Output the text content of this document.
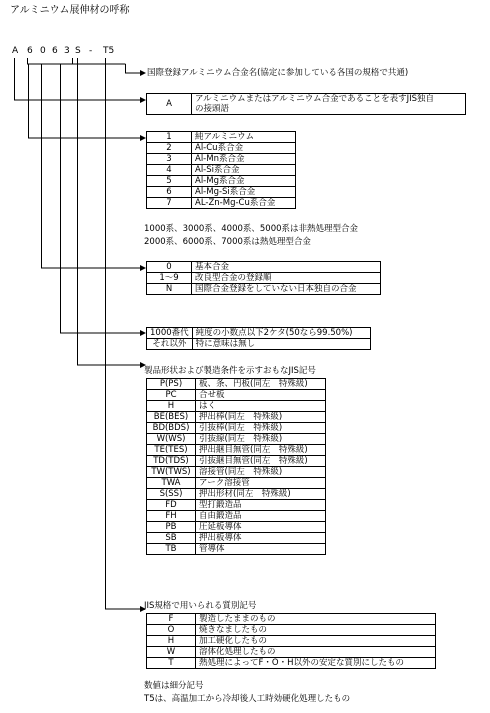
アルミニウム展伸材の呼称
A 6 0 6 3 S - T5
国際登録アルミニウム合金名(協定に参加している各国の規格で共通)
A	アルミニウムまたはアルミニウム合金であることを表すJIS独自
の接頭語
1	純アルミニウム
2	Al-Cu系合金
3	Al-Mn系合金
4	Al-Si系合金
5	Al-Mg系合金
6	Al-Mg-Si系合金
7	AL-Zn-Mg-Cu系合金
1000系、3000系、4000系、5000系は非熱処理型合金
2000系、6000系、7000系は熱処理型合金
0	基本合金
1～9	改良型合金の登録順
N	国際合金登録をしていない日本独自の合金
1000番代	純度の小数点以下2ケタ(50なら99.50%)
それ以外	特に意味は無し
製品形状および製造条件を示すおもなJIS記号
P(PS)	板、条、円板(同左　特殊級)
PC	合せ板
H	はく
BE(BES)	押出棒(同左　特殊級)
BD(BDS)	引抜棒(同左　特殊級)
W(WS)	引抜線(同左　特殊級)
TE(TES)	押出継目無管(同左　特殊級)
TD(TDS)	引抜継目無管(同左　特殊級)
TW(TWS)	溶接管(同左　特殊級)
TWA	アーク溶接管
S(SS)	押出形材(同左　特殊級)
FD	型打鍛造品
FH	自由鍛造品
PB	圧延板導体
SB	押出板導体
TB	管導体
JIS規格で用いられる質別記号
F	製造したままのもの
O	焼きなましたもの
H	加工硬化したもの
W	溶体化処理したもの
T	熱処理によってF・O・H以外の安定な質別にしたもの
数値は細分記号
T5は、高温加工から冷却後人工時効硬化処理したもの
